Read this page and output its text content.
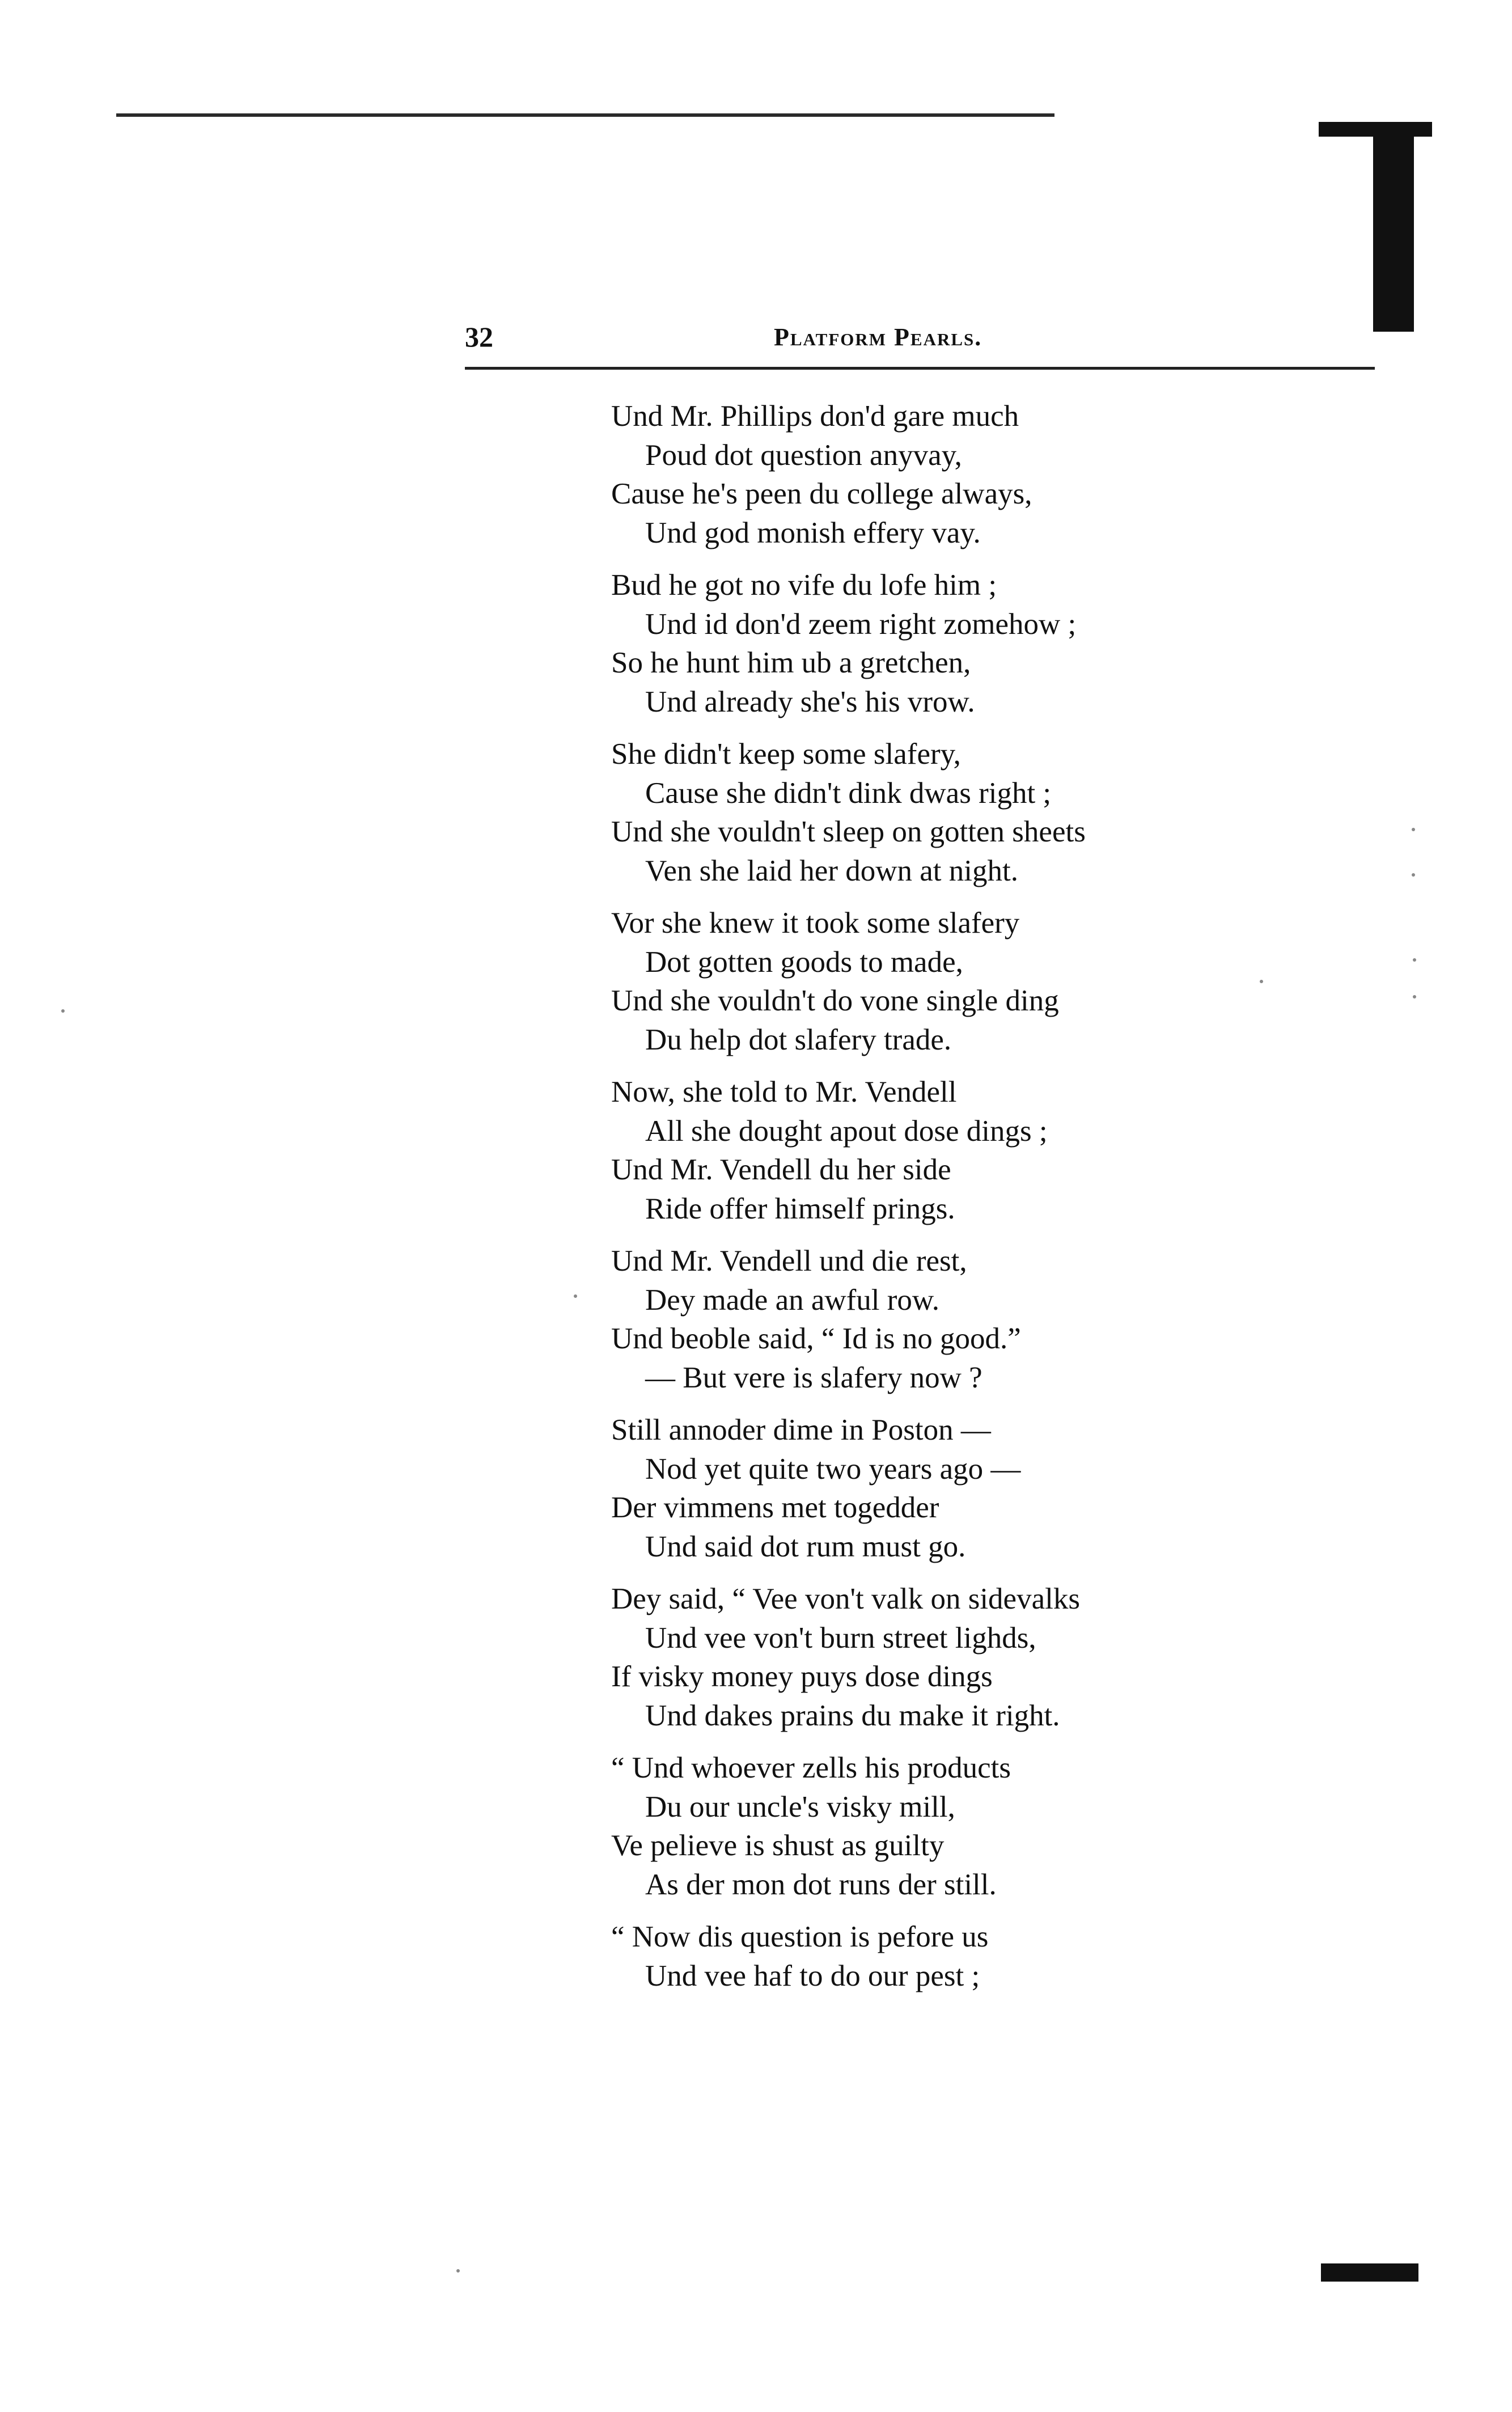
32	Platform Pearls.
Und Mr. Phillips don'd gare much
Poud dot question anyvay,
Cause he's peen du college always,
Und god monish effery vay.
Bud he got no vife du lofe him ;
Und id don'd zeem right zomehow ;
So he hunt him ub a gretchen,
Und already she's his vrow.
She didn't keep some slafery,
Cause she didn't dink dwas right ;
Und she vouldn't sleep on gotten sheets
Ven she laid her down at night.
Vor she knew it took some slafery
Dot gotten goods to made,
Und she vouldn't do vone single ding
Du help dot slafery trade.
Now, she told to Mr. Vendell
All she dought apout dose dings ;
Und Mr. Vendell du her side
Ride offer himself prings.
Und Mr. Vendell und die rest,
Dey made an awful row.
Und beoble said, “ Id is no good.”
— But vere is slafery now ?
Still annoder dime in Poston —
Nod yet quite two years ago —
Der vimmens met togedder
Und said dot rum must go.
Dey said, “ Vee von't valk on sidevalks
Und vee von't burn street lighds,
If visky money puys dose dings
Und dakes prains du make it right.
“ Und whoever zells his products
Du our uncle's visky mill,
Ve pelieve is shust as guilty
As der mon dot runs der still.
“ Now dis question is pefore us
Und vee haf to do our pest ;
